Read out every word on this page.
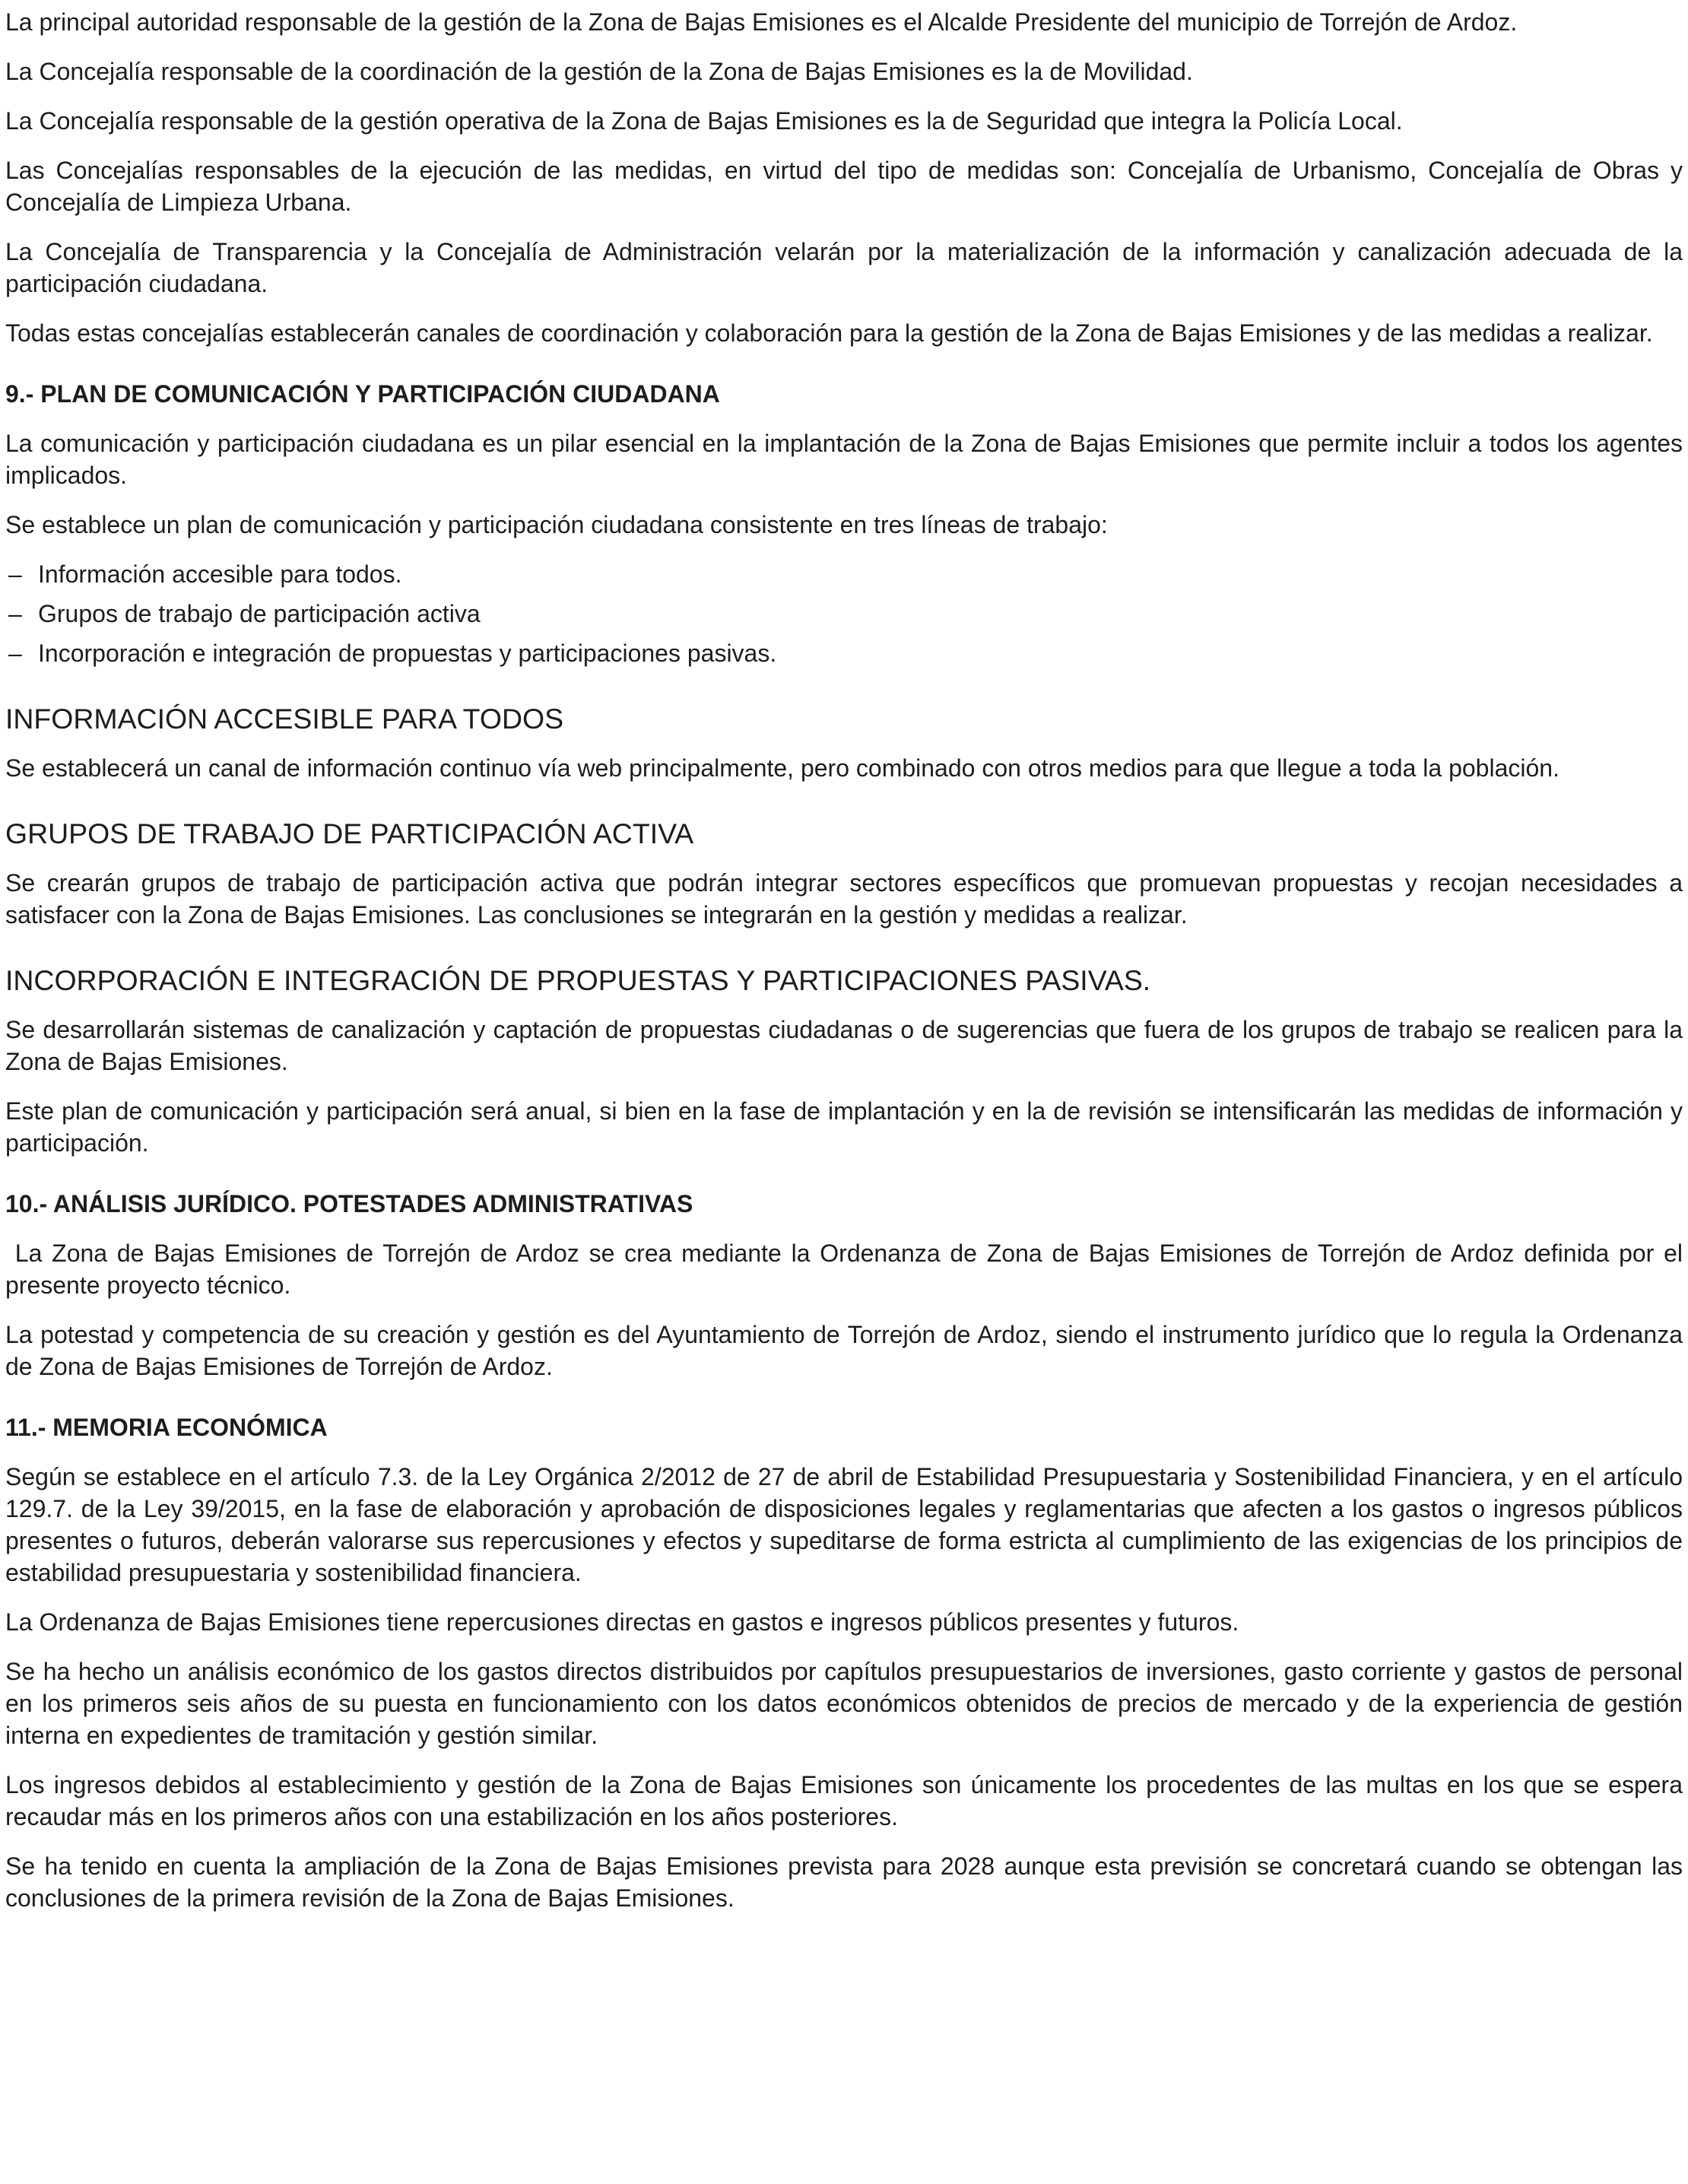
La principal autoridad responsable de la gestión de la Zona de Bajas Emisiones es el Alcalde Presidente del municipio de Torrejón de Ardoz.

La Concejalía responsable de la coordinación de la gestión de la Zona de Bajas Emisiones es la de Movilidad.

La Concejalía responsable de la gestión operativa de la Zona de Bajas Emisiones es la de Seguridad que integra la Policía Local.

Las Concejalías responsables de la ejecución de las medidas, en virtud del tipo de medidas son: Concejalía de Urbanismo, Concejalía de Obras y Concejalía de Limpieza Urbana.

La Concejalía de Transparencia y la Concejalía de Administración velarán por la materialización de la información y canalización adecuada de la participación ciudadana.

Todas estas concejalías establecerán canales de coordinación y colaboración para la gestión de la Zona de Bajas Emisiones y de las medidas a realizar.

9.- PLAN DE COMUNICACIÓN Y PARTICIPACIÓN CIUDADANA

La comunicación y participación ciudadana es un pilar esencial en la implantación de la Zona de Bajas Emisiones que permite incluir a todos los agentes implicados.

Se establece un plan de comunicación y participación ciudadana consistente en tres líneas de trabajo:

– Información accesible para todos.
– Grupos de trabajo de participación activa
– Incorporación e integración de propuestas y participaciones pasivas.
INFORMACIÓN ACCESIBLE PARA TODOS

Se establecerá un canal de información continuo vía web principalmente, pero combinado con otros medios para que llegue a toda la población.

GRUPOS DE TRABAJO DE PARTICIPACIÓN ACTIVA

Se crearán grupos de trabajo de participación activa que podrán integrar sectores específicos que promuevan propuestas y recojan necesidades a satisfacer con la Zona de Bajas Emisiones. Las conclusiones se integrarán en la gestión y medidas a realizar.

INCORPORACIÓN E INTEGRACIÓN DE PROPUESTAS Y PARTICIPACIONES PASIVAS.

Se desarrollarán sistemas de canalización y captación de propuestas ciudadanas o de sugerencias que fuera de los grupos de trabajo se realicen para la Zona de Bajas Emisiones.

Este plan de comunicación y participación será anual, si bien en la fase de implantación y en la de revisión se intensificarán las medidas de información y participación.

10.- ANÁLISIS JURÍDICO. POTESTADES ADMINISTRATIVAS

La Zona de Bajas Emisiones de Torrejón de Ardoz se crea mediante la Ordenanza de Zona de Bajas Emisiones de Torrejón de Ardoz definida por el presente proyecto técnico.

La potestad y competencia de su creación y gestión es del Ayuntamiento de Torrejón de Ardoz, siendo el instrumento jurídico que lo regula la Ordenanza de Zona de Bajas Emisiones de Torrejón de Ardoz.

11.- MEMORIA ECONÓMICA

Según se establece en el artículo 7.3. de la Ley Orgánica 2/2012 de 27 de abril de Estabilidad Presupuestaria y Sostenibilidad Financiera, y en el artículo 129.7. de la Ley 39/2015, en la fase de elaboración y aprobación de disposiciones legales y reglamentarias que afecten a los gastos o ingresos públicos presentes o futuros, deberán valorarse sus repercusiones y efectos y supeditarse de forma estricta al cumplimiento de las exigencias de los principios de estabilidad presupuestaria y sostenibilidad financiera.

La Ordenanza de Bajas Emisiones tiene repercusiones directas en gastos e ingresos públicos presentes y futuros.

Se ha hecho un análisis económico de los gastos directos distribuidos por capítulos presupuestarios de inversiones, gasto corriente y gastos de personal en los primeros seis años de su puesta en funcionamiento con los datos económicos obtenidos de precios de mercado y de la experiencia de gestión interna en expedientes de tramitación y gestión similar.

Los ingresos debidos al establecimiento y gestión de la Zona de Bajas Emisiones son únicamente los procedentes de las multas en los que se espera recaudar más en los primeros años con una estabilización en los años posteriores.

Se ha tenido en cuenta la ampliación de la Zona de Bajas Emisiones prevista para 2028 aunque esta previsión se concretará cuando se obtengan las conclusiones de la primera revisión de la Zona de Bajas Emisiones.
